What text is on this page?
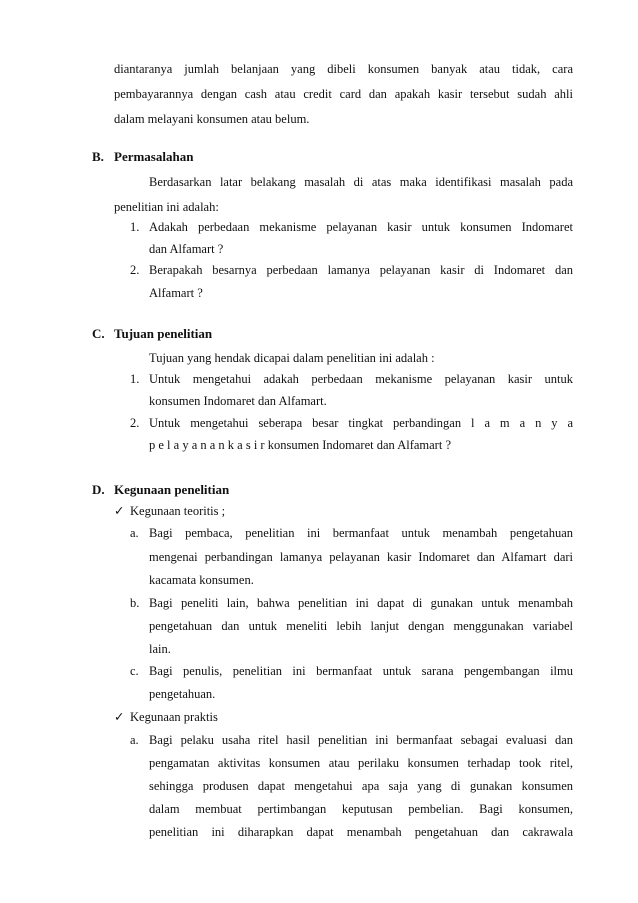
diantaranya jumlah belanjaan yang dibeli konsumen banyak atau tidak, cara
pembayarannya dengan cash atau credit card dan apakah kasir tersebut sudah ahli
dalam melayani konsumen atau belum.
B. Permasalahan
Berdasarkan latar belakang masalah di atas maka identifikasi masalah pada
penelitian ini adalah:
1. Adakah perbedaan mekanisme pelayanan kasir untuk konsumen Indomaret
dan Alfamart ?
2. Berapakah besarnya perbedaan lamanya pelayanan kasir di Indomaret dan
Alfamart ?
C. Tujuan penelitian
Tujuan yang hendak dicapai dalam penelitian ini adalah :
1. Untuk mengetahui adakah perbedaan mekanisme pelayanan kasir untuk
konsumen Indomaret dan Alfamart.
2. Untuk mengetahui seberapa besar tingkat perbandingan l a m a n y a
p e l a y a n a n k a s i r konsumen Indomaret dan Alfamart ?
D. Kegunaan penelitian
✓ Kegunaan teoritis ;
a. Bagi pembaca, penelitian ini bermanfaat untuk menambah pengetahuan
mengenai perbandingan lamanya pelayanan kasir Indomaret dan Alfamart dari
kacamata konsumen.
b. Bagi peneliti lain, bahwa penelitian ini dapat di gunakan untuk menambah
pengetahuan dan untuk meneliti lebih lanjut dengan menggunakan variabel
lain.
c. Bagi penulis, penelitian ini bermanfaat untuk sarana pengembangan ilmu
pengetahuan.
✓ Kegunaan praktis
a. Bagi pelaku usaha ritel hasil penelitian ini bermanfaat sebagai evaluasi dan
pengamatan aktivitas konsumen atau perilaku konsumen terhadap took ritel,
sehingga produsen dapat mengetahui apa saja yang di gunakan konsumen
dalam membuat pertimbangan keputusan pembelian. Bagi konsumen,
penelitian ini diharapkan dapat menambah pengetahuan dan cakrawala
